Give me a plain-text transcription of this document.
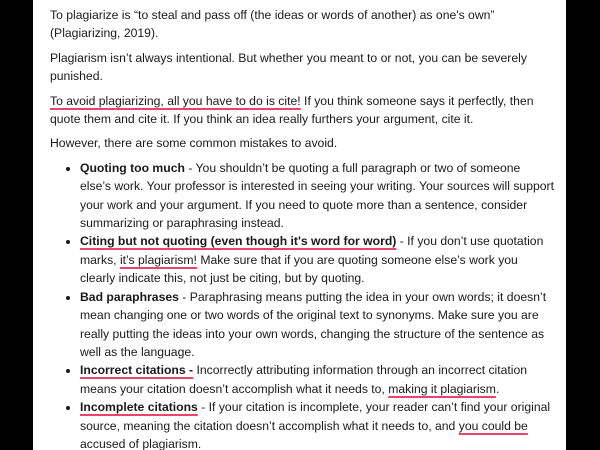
To plagiarize is “to steal and pass off (the ideas or words of another) as one's own” (Plagiarizing, 2019).

Plagiarism isn’t always intentional. But whether you meant to or not, you can be severely punished.

To avoid plagiarizing, all you have to do is cite! If you think someone says it perfectly, then quote them and cite it. If you think an idea really furthers your argument, cite it.

However, there are some common mistakes to avoid.

• Quoting too much - You shouldn’t be quoting a full paragraph or two of someone else’s work. Your professor is interested in seeing your writing. Your sources will support your work and your argument. If you need to quote more than a sentence, consider summarizing or paraphrasing instead.
• Citing but not quoting (even though it's word for word) - If you don’t use quotation marks, it’s plagiarism! Make sure that if you are quoting someone else’s work you clearly indicate this, not just be citing, but by quoting.
• Bad paraphrases - Paraphrasing means putting the idea in your own words; it doesn’t mean changing one or two words of the original text to synonyms. Make sure you are really putting the ideas into your own words, changing the structure of the sentence as well as the language.
• Incorrect citations - Incorrectly attributing information through an incorrect citation means your citation doesn’t accomplish what it needs to, making it plagiarism.
• Incomplete citations - If your citation is incomplete, your reader can’t find your original source, meaning the citation doesn’t accomplish what it needs to, and you could be accused of plagiarism.
